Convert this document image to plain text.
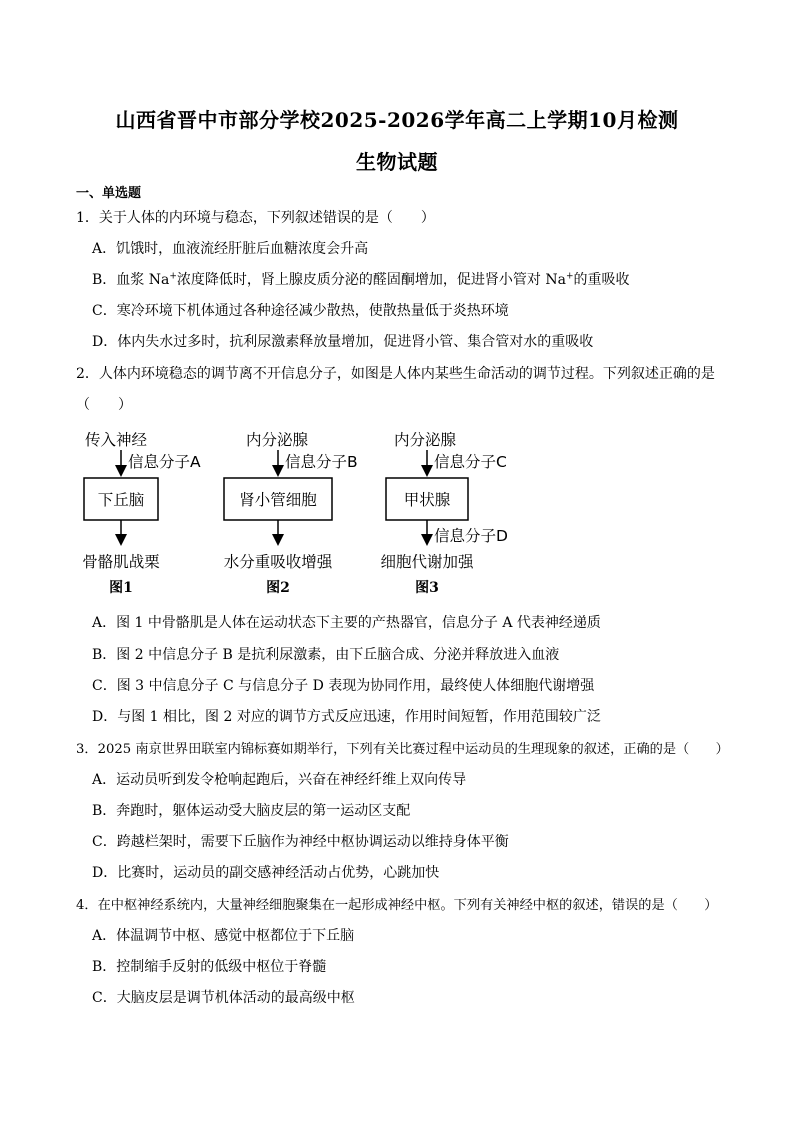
山西省晋中市部分学校2025-2026学年高二上学期10月检测
生物试题
一、单选题
1．关于人体的内环境与稳态，下列叙述错误的是（　　）
A．饥饿时，血液流经肝脏后血糖浓度会升高
B．血浆 Na+浓度降低时，肾上腺皮质分泌的醛固酮增加，促进肾小管对 Na+的重吸收
C．寒冷环境下机体通过各种途径减少散热，使散热量低于炎热环境
D．体内失水过多时，抗利尿激素释放量增加，促进肾小管、集合管对水的重吸收
2．人体内环境稳态的调节离不开信息分子，如图是人体内某些生命活动的调节过程。下列叙述正确的是
（　　）
传入神经
信息分子A
下丘脑
骨骼肌战栗
图1
内分泌腺
信息分子B
肾小管细胞
水分重吸收增强
图2
内分泌腺
信息分子C
甲状腺
信息分子D
细胞代谢加强
图3
A．图 1 中骨骼肌是人体在运动状态下主要的产热器官，信息分子 A 代表神经递质
B．图 2 中信息分子 B 是抗利尿激素，由下丘脑合成、分泌并释放进入血液
C．图 3 中信息分子 C 与信息分子 D 表现为协同作用，最终使人体细胞代谢增强
D．与图 1 相比，图 2 对应的调节方式反应迅速，作用时间短暂，作用范围较广泛
3．2025 南京世界田联室内锦标赛如期举行，下列有关比赛过程中运动员的生理现象的叙述，正确的是（　　）
A．运动员听到发令枪响起跑后，兴奋在神经纤维上双向传导
B．奔跑时，躯体运动受大脑皮层的第一运动区支配
C．跨越栏架时，需要下丘脑作为神经中枢协调运动以维持身体平衡
D．比赛时，运动员的副交感神经活动占优势，心跳加快
4．在中枢神经系统内，大量神经细胞聚集在一起形成神经中枢。下列有关神经中枢的叙述，错误的是（　　）
A．体温调节中枢、感觉中枢都位于下丘脑
B．控制缩手反射的低级中枢位于脊髓
C．大脑皮层是调节机体活动的最高级中枢
